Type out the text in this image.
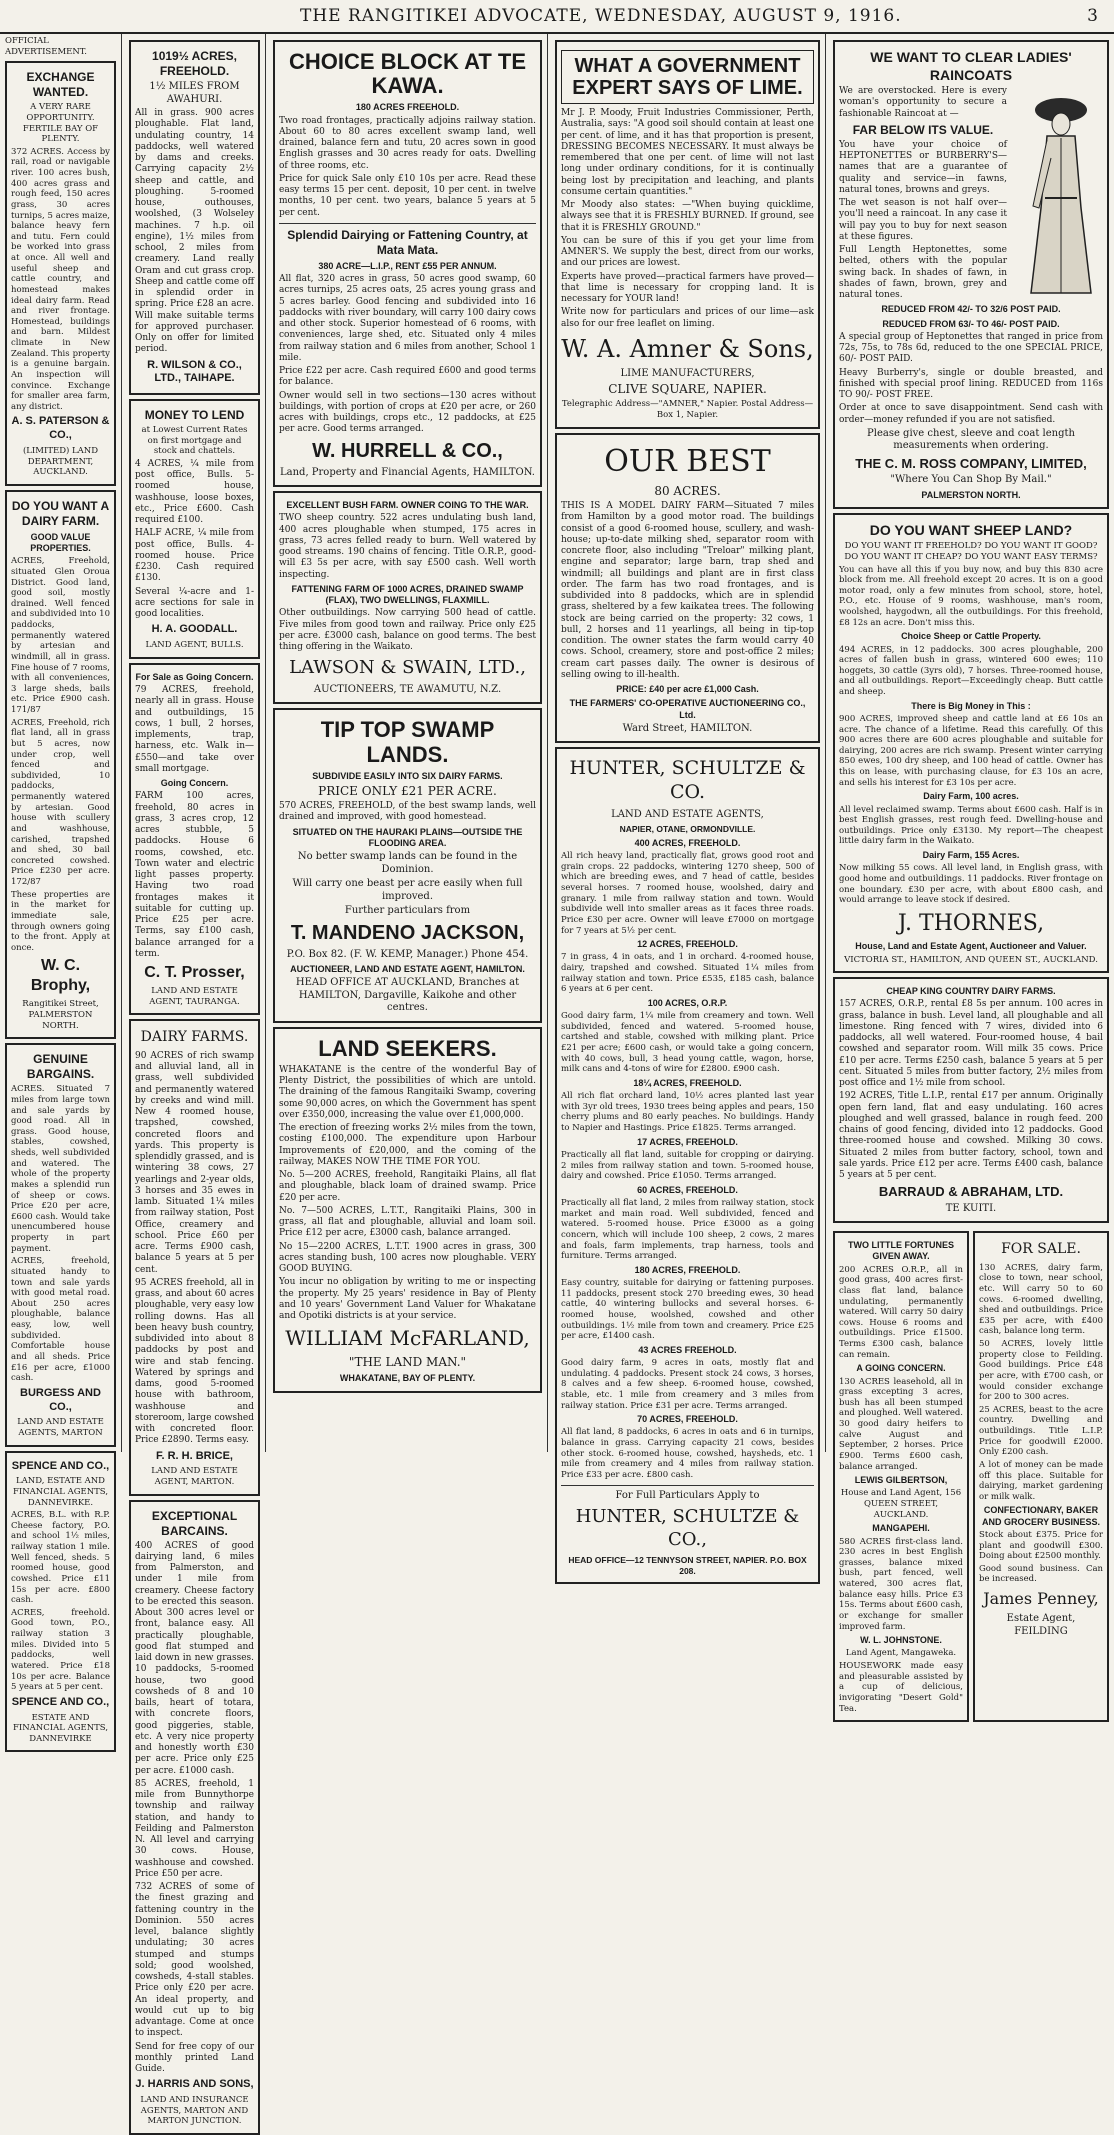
THE RANGITIKEI ADVOCATE, WEDNESDAY, AUGUST 9, 1916.	3
OFFICIAL ADVERTISEMENT.
EXCHANGE WANTED.
A VERY RARE OPPORTUNITY. FERTILE BAY OF PLENTY.

372 ACRES. Access by rail, road or navigable river. 100 acres bush, 400 acres grass and rough feed, 150 acres grass, 30 acres turnips, 5 acres maize, balance heavy fern and tutu. Fern could be worked into grass at once. All well and useful sheep and cattle country, and homestead makes ideal dairy farm. Read and river frontage. Homestead, buildings and barn. Mildest climate in New Zealand. This property is a genuine bargain. An inspection will convince. Exchange for smaller area farm, any district.

A. S. PATERSON & CO.,
(LIMITED) LAND DEPARTMENT, AUCKLAND.
DO YOU WANT A DAIRY FARM.
GOOD VALUE PROPERTIES.

ACRES, Freehold, situated Glen Oroua District. Good land, good soil, mostly drained. Well fenced and subdivided into 10 paddocks, permanently watered by artesian and windmill, all in grass. Fine house of 7 rooms, with all conveniences, 3 large sheds, bails etc. Price £900 cash. 171/87

ACRES, Freehold, rich flat land, all in grass but 5 acres, now under crop, well fenced and subdivided, 10 paddocks, permanently watered by artesian. Good house with scullery and washhouse, carished, trapshed and shed, 30 bail concreted cowshed. Price £230 per acre. 172/87

These properties are in the market for immediate sale, through owners going to the front. Apply at once.

W. C. Brophy,
Rangitikei Street, PALMERSTON NORTH.
GENUINE BARGAINS.

ACRES. Situated 7 miles from large town and sale yards by good road. All in grass. Good house, stables, cowshed, sheds, well subdivided and watered. The whole of the property makes a splendid run of sheep or cows. Price £20 per acre, £600 cash. Would take unencumbered house property in part payment.

ACRES, freehold, situated handy to town and sale yards with good metal road. About 250 acres ploughable, balance easy, low, well subdivided. Comfortable house and all sheds. Price £16 per acre, £1000 cash.

BURGESS AND CO.,
LAND AND ESTATE AGENTS, MARTON
SPENCE AND CO.,
LAND, ESTATE AND FINANCIAL AGENTS, DANNEVIRKE.

ACRES, B.L. with R.P. Cheese factory, P.O. and school 1½ miles, railway station 1 mile. Well fenced, sheds. 5 roomed house, good cowshed. Price £11 15s per acre. £800 cash.

ACRES, freehold. Good town, P.O., railway station 3 miles. Divided into 5 paddocks, well watered. Price £18 10s per acre. Balance 5 years at 5 per cent.

SPENCE AND CO.,
ESTATE AND FINANCIAL AGENTS, DANNEVIRKE
1019½ ACRES, FREEHOLD.
1½ MILES FROM AWAHURI.

All in grass. 900 acres ploughable. Flat land, undulating country, 14 paddocks, well watered by dams and creeks. Carrying capacity 2½ sheep and cattle, and ploughing. 5-roomed house, outhouses, woolshed, (3 Wolseley machines. 7 h.p. oil engine), 1½ miles from school, 2 miles from creamery. Land really Oram and cut grass crop. Sheep and cattle come off in splendid order in spring. Price £28 an acre. Will make suitable terms for approved purchaser. Only on offer for limited period.

R. WILSON & CO., LTD., TAIHAPE.
MONEY TO LEND
at Lowest Current Rates on first mortgage and stock and chattels.

4 ACRES, ¼ mile from post office, Bulls. 5-roomed house, washhouse, loose boxes, etc., Price £600. Cash required £100.

HALF ACRE, ¼ mile from post office, Bulls. 4-roomed house. Price £230. Cash required £130.

Several ¼-acre and 1-acre sections for sale in good localities.

H. A. GOODALL.
LAND AGENT, BULLS.
For Sale as Going Concern.

79 ACRES, freehold, nearly all in grass. House and outbuildings, 15 cows, 1 bull, 2 horses, implements, trap, harness, etc. Walk in—£550—and take over small mortgage.

Going Concern.

FARM 100 acres, freehold, 80 acres in grass, 3 acres crop, 12 acres stubble, 5 paddocks. House 6 rooms, cowshed, etc. Town water and electric light passes property. Having two road frontages makes it suitable for cutting up. Price £25 per acre. Terms, say £100 cash, balance arranged for a term.

C. T. Prosser,
LAND AND ESTATE AGENT, TAURANGA.
DAIRY FARMS.

90 ACRES of rich swamp and alluvial land, all in grass, well subdivided and permanently watered by creeks and wind mill. New 4 roomed house, trapshed, cowshed, concreted floors and yards. This property is splendidly grassed, and is wintering 38 cows, 27 yearlings and 2-year olds, 3 horses and 35 ewes in lamb. Situated 1¼ miles from railway station, Post Office, creamery and school. Price £60 per acre. Terms £900 cash, balance 5 years at 5 per cent.

95 ACRES freehold, all in grass, and about 60 acres ploughable, very easy low rolling downs. Has all been heavy bush country, subdivided into about 8 paddocks by post and wire and stab fencing. Watered by springs and dams, good 5-roomed house with bathroom, washhouse and storeroom, large cowshed with concreted floor. Price £2890. Terms easy.

F. R. H. BRICE,
LAND AND ESTATE AGENT, MARTON.
EXCEPTIONAL BARCAINS.

400 ACRES of good dairying land, 6 miles from Palmerston, and under 1 mile from creamery. Cheese factory to be erected this season. About 300 acres level or front, balance easy. All practically ploughable, good flat stumped and laid down in new grasses. 10 paddocks, 5-roomed house, two good cowsheds of 8 and 10 bails, heart of totara, with concrete floors, good piggeries, stable, etc. A very nice property and honestly worth £30 per acre. Price only £25 per acre. £1000 cash.

85 ACRES, freehold, 1 mile from Bunnythorpe township and railway station, and handy to Feilding and Palmerston N. All level and carrying 30 cows. House, washhouse and cowshed. Price £50 per acre.

732 ACRES of some of the finest grazing and fattening country in the Dominion. 550 acres level, balance slightly undulating; 30 acres stumped and stumps sold; good woolshed, cowsheds, 4-stall stables. Price only £20 per acre. An ideal property, and would cut up to big advantage. Come at once to inspect.

Send for free copy of our monthly printed Land Guide.

J. HARRIS AND SONS,
LAND AND INSURANCE AGENTS, MARTON AND MARTON JUNCTION.
CHOICE BLOCK AT TE KAWA.
180 ACRES FREEHOLD.

Two road frontages, practically adjoins railway station. About 60 to 80 acres excellent swamp land, well drained, balance fern and tutu, 20 acres sown in good English grasses and 30 acres ready for oats. Dwelling of three rooms, etc.

Price for quick Sale only £10 10s per acre. Read these easy terms 15 per cent. deposit, 10 per cent. in twelve months, 10 per cent. two years, balance 5 years at 5 per cent.

Splendid Dairying or Fattening Country, at Mata Mata.
380 ACRE—L.I.P., RENT £55 PER ANNUM.

All flat, 320 acres in grass, 50 acres good swamp, 60 acres turnips, 25 acres oats, 25 acres young grass and 5 acres barley. Good fencing and subdivided into 16 paddocks with river boundary, will carry 100 dairy cows and other stock. Superior homestead of 6 rooms, with conveniences, large shed, etc. Situated only 4 miles from railway station and 6 miles from another, School 1 mile.

Price £22 per acre. Cash required £600 and good terms for balance.

Owner would sell in two sections—130 acres without buildings, with portion of crops at £20 per acre, or 260 acres with buildings, crops etc., 12 paddocks, at £25 per acre. Good terms arranged.

W. HURRELL & CO.,
Land, Property and Financial Agents, HAMILTON.
EXCELLENT BUSH FARM. OWNER COING TO THE WAR.

TWO sheep country. 522 acres undulating bush land, 400 acres ploughable when stumped, 175 acres in grass, 73 acres felled ready to burn. Well watered by good streams. 190 chains of fencing. Title O.R.P., good-will £3 5s per acre, with say £500 cash. Well worth inspecting.

FATTENING FARM OF 1000 ACRES, DRAINED SWAMP (FLAX), TWO DWELLINGS, FLAXMILL.

Other outbuildings. Now carrying 500 head of cattle. Five miles from good town and railway. Price only £25 per acre. £3000 cash, balance on good terms. The best thing offering in the Waikato.

LAWSON & SWAIN, LTD.,
AUCTIONEERS, TE AWAMUTU, N.Z.
TIP TOP SWAMP LANDS.
SUBDIVIDE EASILY INTO SIX DAIRY FARMS.
PRICE ONLY £21 PER ACRE.

570 ACRES, FREEHOLD, of the best swamp lands, well drained and improved, with good homestead.

SITUATED ON THE HAURAKI PLAINS—OUTSIDE THE FLOODING AREA.
No better swamp lands can be found in the Dominion.
Will carry one beast per acre easily when full improved.
Further particulars from
T. MANDENO JACKSON,
P.O. Box 82. (F. W. KEMP, Manager.) Phone 454.
AUCTIONEER, LAND AND ESTATE AGENT, HAMILTON.
HEAD OFFICE AT AUCKLAND, Branches at HAMILTON, Dargaville, Kaikohe and other centres.
LAND SEEKERS.

WHAKATANE is the centre of the wonderful Bay of Plenty District, the possibilities of which are untold. The draining of the famous Rangitaiki Swamp, covering some 90,000 acres, on which the Government has spent over £350,000, increasing the value over £1,000,000.

The erection of freezing works 2½ miles from the town, costing £100,000. The expenditure upon Harbour Improvements of £20,000, and the coming of the railway, MAKES NOW THE TIME FOR YOU.

No. 5—200 ACRES, freehold, Rangitaiki Plains, all flat and ploughable, black loam of drained swamp. Price £20 per acre.

No. 7—500 ACRES, L.T.T., Rangitaiki Plains, 300 in grass, all flat and ploughable, alluvial and loam soil. Price £12 per acre, £3000 cash, balance arranged.

No 15—2200 ACRES, L.T.T. 1900 acres in grass, 300 acres standing bush, 100 acres now ploughable. VERY GOOD BUYING.

You incur no obligation by writing to me or inspecting the property. My 25 years' residence in Bay of Plenty and 10 years' Government Land Valuer for Whakatane and Opotiki districts is at your service.

WILLIAM McFARLAND,
"THE LAND MAN."
WHAKATANE, BAY OF PLENTY.
WHAT A GOVERNMENT EXPERT SAYS OF LIME.

Mr J. P. Moody, Fruit Industries Commissioner, Perth, Australia, says: "A good soil should contain at least one per cent. of lime, and it has that proportion is present, DRESSING BECOMES NECESSARY. It must always be remembered that one per cent. of lime will not last long under ordinary conditions, for it is continually being lost by precipitation and leaching, and plants consume certain quantities."

Mr Moody also states: —"When buying quicklime, always see that it is FRESHLY BURNED. If ground, see that it is FRESHLY GROUND."

You can be sure of this if you get your lime from AMNER'S. We supply the best, direct from our works, and our prices are lowest.

Experts have proved—practical farmers have proved—that lime is necessary for cropping land. It is necessary for YOUR land!

Write now for particulars and prices of our lime—ask also for our free leaflet on liming.

W. A. Amner & Sons,
LIME MANUFACTURERS,
CLIVE SQUARE, NAPIER.
Telegraphic Address—"AMNER," Napier. Postal Address—Box 1, Napier.
OUR BEST
80 ACRES.

THIS IS A MODEL DAIRY FARM—Situated 7 miles from Hamilton by a good motor road. The buildings consist of a good 6-roomed house, scullery, and wash-house; up-to-date milking shed, separator room with concrete floor, also including "Treloar" milking plant, engine and separator; large barn, trap shed and windmill; all buildings and plant are in first class order. The farm has two road frontages, and is subdivided into 8 paddocks, which are in splendid grass, sheltered by a few kaikatea trees. The following stock are being carried on the property: 32 cows, 1 bull, 2 horses and 11 yearlings, all being in tip-top condition. The owner states the farm would carry 40 cows. School, creamery, store and post-office 2 miles; cream cart passes daily. The owner is desirous of selling owing to ill-health.

PRICE: £40 per acre £1,000 Cash.
THE FARMERS' CO-OPERATIVE AUCTIONEERING CO., Ltd.
Ward Street, HAMILTON.
HUNTER, SCHULTZE & CO.
LAND AND ESTATE AGENTS,
NAPIER, OTANE, ORMONDVILLE.
400 ACRES, FREEHOLD.

All rich heavy land, practically flat, grows good root and grain crops. 22 paddocks, wintering 1270 sheep, 500 of which are breeding ewes, and 7 head of cattle, besides several horses. 7 roomed house, woolshed, dairy and granary. 1 mile from railway station and town. Would subdivide well into smaller areas as it faces three roads. Price £30 per acre. Owner will leave £7000 on mortgage for 7 years at 5½ per cent.

12 ACRES, FREEHOLD.

7 in grass, 4 in oats, and 1 in orchard. 4-roomed house, dairy, trapshed and cowshed. Situated 1¼ miles from railway station and town. Price £535, £185 cash, balance 6 years at 6 per cent.

100 ACRES, O.R.P.

Good dairy farm, 1¼ mile from creamery and town. Well subdivided, fenced and watered. 5-roomed house, cartshed and stable, cowshed with milking plant. Price £21 per acre; £600 cash, or would take a going concern, with 40 cows, bull, 3 head young cattle, wagon, horse, milk cans and 4-tons of wire for £2800. £900 cash.

18¼ ACRES, FREEHOLD.

All rich flat orchard land, 10½ acres planted last year with 3yr old trees, 1930 trees being apples and pears, 150 cherry plums and 80 early peaches. No buildings. Handy to Napier and Hastings. Price £1825. Terms arranged.

17 ACRES, FREEHOLD.

Practically all flat land, suitable for cropping or dairying. 2 miles from railway station and town. 5-roomed house, dairy and cowshed. Price £1050. Terms arranged.

60 ACRES, FREEHOLD.

Practically all flat land, 2 miles from railway station, stock market and main road. Well subdivided, fenced and watered. 5-roomed house. Price £3000 as a going concern, which will include 100 sheep, 2 cows, 2 mares and foals, farm implements, trap harness, tools and furniture. Terms arranged.

180 ACRES, FREEHOLD.

Easy country, suitable for dairying or fattening purposes. 11 paddocks, present stock 270 breeding ewes, 30 head cattle, 40 wintering bullocks and several horses. 6-roomed house, woolshed, cowshed and other outbuildings. 1½ mile from town and creamery. Price £25 per acre, £1400 cash.

43 ACRES FREEHOLD.

Good dairy farm, 9 acres in oats, mostly flat and undulating. 4 paddocks. Present stock 24 cows, 3 horses, 8 calves and a few sheep. 6-roomed house, cowshed, stable, etc. 1 mile from creamery and 3 miles from railway station. Price £31 per acre. Terms arranged.

70 ACRES, FREEHOLD.

All flat land, 8 paddocks, 6 acres in oats and 6 in turnips, balance in grass. Carrying capacity 21 cows, besides other stock. 6-roomed house, cowshed, haysheds, etc. 1 mile from creamery and 4 miles from railway station. Price £33 per acre. £800 cash.

For Full Particulars Apply to
HUNTER, SCHULTZE & CO.,
HEAD OFFICE—12 TENNYSON STREET, NAPIER. P.O. BOX 208.
WE WANT TO CLEAR LADIES' RAINCOATS

We are overstocked. Here is every woman's opportunity to secure a fashionable Raincoat at —

FAR BELOW ITS VALUE.

You have your choice of HEPTONETTES or BURBERRY'S—names that are a guarantee of quality and service—in fawns, natural tones, browns and greys.

The wet season is not half over—you'll need a raincoat. In any case it will pay you to buy for next season at these figures.

Full Length Heptonettes, some belted, others with the popular swing back. In shades of fawn, in shades of fawn, brown, grey and natural tones.

REDUCED FROM 42/- TO 32/6 POST PAID.
REDUCED FROM 63/- TO 46/- POST PAID.

A special group of Heptonettes that ranged in price from 72s, 75s, to 78s 6d, reduced to the one SPECIAL PRICE, 60/- POST PAID.

Heavy Burberry's, single or double breasted, and finished with special proof lining. REDUCED from 116s TO 90/- POST FREE.

Order at once to save disappointment. Send cash with order—money refunded if you are not satisfied.

Please give chest, sleeve and coat length measurements when ordering.
THE C. M. ROSS COMPANY, LIMITED,
"Where You Can Shop By Mail."
PALMERSTON NORTH.
DO YOU WANT SHEEP LAND?
DO YOU WANT IT FREEHOLD? DO YOU WANT IT GOOD? DO YOU WANT IT CHEAP? DO YOU WANT EASY TERMS?

You can have all this if you buy now, and buy this 830 acre block from me. All freehold except 20 acres. It is on a good motor road, only a few minutes from school, store, hotel, P.O., etc. House of 9 rooms, washhouse, man's room, woolshed, haygodwn, all the outbuildings. For this freehold, £8 12s an acre. Don't miss this.

Choice Sheep or Cattle Property.

494 ACRES, in 12 paddocks. 300 acres ploughable, 200 acres of fallen bush in grass, wintered 600 ewes; 110 hoggets, 30 cattle (3yrs old), 7 horses. Three-roomed house, and all outbuildings. Report—Exceedingly cheap. Butt cattle and sheep.

There is Big Money in This :

900 ACRES, improved sheep and cattle land at £6 10s an acre. The chance of a lifetime. Read this carefully. Of this 900 acres there are 600 acres ploughable and suitable for dairying, 200 acres are rich swamp. Present winter carrying 850 ewes, 100 dry sheep, and 100 head of cattle. Owner has this on lease, with purchasing clause, for £3 10s an acre, and sells his interest for £3 10s per acre.

Dairy Farm, 100 acres.

All level reclaimed swamp. Terms about £600 cash. Half is in best English grasses, rest rough feed. Dwelling-house and outbuildings. Price only £3130. My report—The cheapest little dairy farm in the Waikato.

Dairy Farm, 155 Acres.

Now milking 55 cows. All level land, in English grass, with good home and outbuildings. 11 paddocks. River frontage on one boundary. £30 per acre, with about £800 cash, and would arrange to leave stock if desired.

J. THORNES,
House, Land and Estate Agent, Auctioneer and Valuer.
VICTORIA ST., HAMILTON, AND QUEEN ST., AUCKLAND.
CHEAP KING COUNTRY DAIRY FARMS.

157 ACRES, O.R.P., rental £8 5s per annum. 100 acres in grass, balance in bush. Level land, all ploughable and all limestone. Ring fenced with 7 wires, divided into 6 paddocks, all well watered. Four-roomed house, 4 bail cowshed and separator room. Will milk 35 cows. Price £10 per acre. Terms £250 cash, balance 5 years at 5 per cent. Situated 5 miles from butter factory, 2½ miles from post office and 1½ mile from school.

192 ACRES, Title L.I.P., rental £17 per annum. Originally open fern land, flat and easy undulating. 160 acres ploughed and well grassed, balance in rough feed. 200 chains of good fencing, divided into 12 paddocks. Good three-roomed house and cowshed. Milking 30 cows. Situated 2 miles from butter factory, school, town and sale yards. Price £12 per acre. Terms £400 cash, balance 5 years at 5 per cent.

BARRAUD & ABRAHAM, LTD.
TE KUITI.
TWO LITTLE FORTUNES GIVEN AWAY.

200 ACRES O.R.P., all in good grass, 400 acres first-class flat land, balance undulating, permanently watered. Will carry 50 dairy cows. House 6 rooms and outbuildings. Price £1500. Terms £300 cash, balance can remain.

A GOING CONCERN.

130 ACRES leasehold, all in grass excepting 3 acres, bush has all been stumped and ploughed. Well watered. 30 good dairy heifers to calve August and September, 2 horses. Price £900. Terms £600 cash, balance arranged.

LEWIS GILBERTSON,
House and Land Agent, 156 QUEEN STREET, AUCKLAND.
MANGAPEHI.

580 ACRES first-class land. 230 acres in best English grasses, balance mixed bush, part fenced, well watered, 300 acres flat, balance easy hills. Price £3 15s. Terms about £600 cash, or exchange for smaller improved farm.

W. L. JOHNSTONE.
Land Agent, Mangaweka.

HOUSEWORK made easy and pleasurable assisted by a cup of delicious, invigorating "Desert Gold" Tea.

FOR SALE.

130 ACRES, dairy farm, close to town, near school, etc. Will carry 50 to 60 cows. 6-roomed dwelling, shed and outbuildings. Price £35 per acre, with £400 cash, balance long term.

50 ACRES, lovely little property close to Feilding. Good buildings. Price £48 per acre, with £700 cash, or would consider exchange for 200 to 300 acres.

25 ACRES, beast to the acre country. Dwelling and outbuildings. Title L.I.P. Price for goodwill £2000. Only £200 cash.

A lot of money can be made off this place. Suitable for dairying, market gardening or milk walk.

CONFECTIONARY, BAKER AND GROCERY BUSINESS.

Stock about £375. Price for plant and goodwill £300. Doing about £2500 monthly.

Good sound business. Can be increased.

James Penney,
Estate Agent, FEILDING
